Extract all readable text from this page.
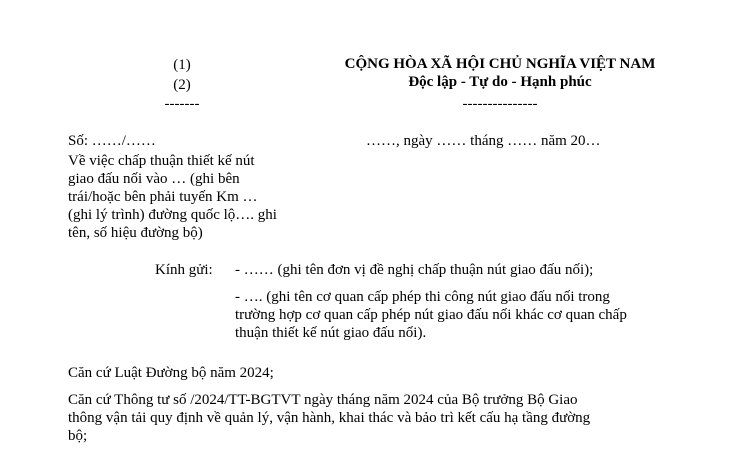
(1)
(2)
-------
CỘNG HÒA XÃ HỘI CHỦ NGHĨA VIỆT NAM
Độc lập - Tự do - Hạnh phúc
---------------
Số: ……/……	……, ngày …… tháng …… năm 20…
Về việc chấp thuận thiết kế nút
giao đấu nối vào … (ghi bên
trái/hoặc bên phải tuyến Km …
(ghi lý trình) đường quốc lộ…. ghi
tên, số hiệu đường bộ)
Kính gửi: - …… (ghi tên đơn vị đề nghị chấp thuận nút giao đấu nối);
- …. (ghi tên cơ quan cấp phép thi công nút giao đấu nối trong
trường hợp cơ quan cấp phép nút giao đấu nối khác cơ quan chấp
thuận thiết kế nút giao đấu nối).
Căn cứ Luật Đường bộ năm 2024;
Căn cứ Thông tư số /2024/TT-BGTVT ngày tháng năm 2024 của Bộ trưởng Bộ Giao
thông vận tải quy định về quản lý, vận hành, khai thác và bảo trì kết cấu hạ tầng đường
bộ;
